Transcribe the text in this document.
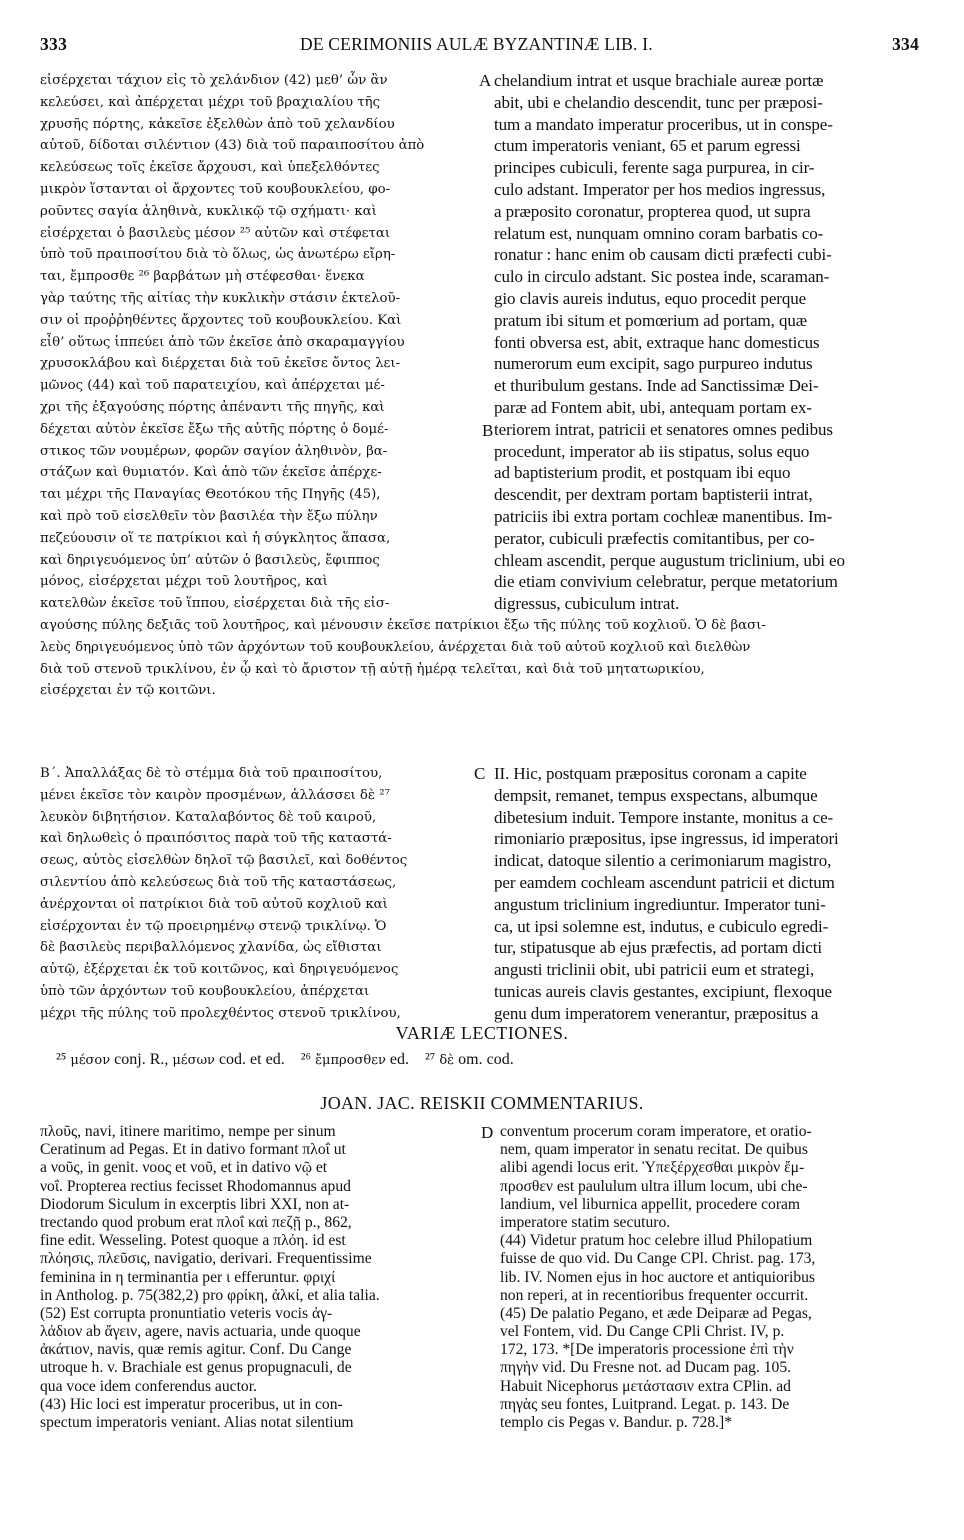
333	DE CERIMONIIS AULÆ BYZANTINÆ LIB. I.	334
εἰσέρχεται τάχιον εἰς τὸ χελάνδιον (42) μεθ’ ὧν ἂν
κελεύσει, καὶ ἀπέρχεται μέχρι τοῦ βραχιαλίου τῆς
χρυσῆς πόρτης, κἀκεῖσε ἐξελθὼν ἀπὸ τοῦ χελανδίου
αὐτοῦ, δίδοται σιλέντιον (43) διὰ τοῦ παραιποσίτου ἀπὸ
κελεύσεως τοῖς ἐκεῖσε ἄρχουσι, καὶ ὑπεξελθόντες
μικρὸν ἵστανται οἱ ἄρχοντες τοῦ κουβουκλείου, φο-
ροῦντες σαγία ἀληθινὰ, κυκλικῷ τῷ σχήματι· καὶ
εἰσέρχεται ὁ βασιλεὺς μέσον ²⁵ αὐτῶν καὶ στέφεται
ὑπὸ τοῦ πραιποσίτου διὰ τὸ ὅλως, ὡς ἀνωτέρω εἴρη-
ται, ἔμπροσθε ²⁶ βαρβάτων μὴ στέφεσθαι· ἕνεκα
γὰρ ταύτης τῆς αἰτίας τὴν κυκλικὴν στάσιν ἐκτελοῦ-
σιν οἱ προῤῥηθέντες ἄρχοντες τοῦ κουβουκλείου. Καὶ
εἶθ’ οὕτως ἱππεύει ἀπὸ τῶν ἐκεῖσε ἀπὸ σκαραμαγγίου
χρυσοκλάβου καὶ διέρχεται διὰ τοῦ ἐκεῖσε ὄντος λει-
μῶνος (44) καὶ τοῦ παρατειχίου, καὶ ἀπέρχεται μέ-
χρι τῆς ἐξαγούσης πόρτης ἀπέναντι τῆς πηγῆς, καὶ
δέχεται αὐτὸν ἐκεῖσε ἔξω τῆς αὐτῆς πόρτης ὁ δομέ-
στικος τῶν νουμέρων, φορῶν σαγίον ἀληθινὸν, βα-
στάζων καὶ θυμιατόν. Καὶ ἀπὸ τῶν ἐκεῖσε ἀπέρχε-
ται μέχρι τῆς Παναγίας Θεοτόκου τῆς Πηγῆς (45),
καὶ πρὸ τοῦ εἰσελθεῖν τὸν βασιλέα τὴν ἔξω πύλην
πεζεύουσιν οἵ τε πατρίκιοι καὶ ἡ σύγκλητος ἅπασα,
καὶ δηριγευόμενος ὑπ’ αὐτῶν ὁ βασιλεὺς, ἔφιππος
μόνος, εἰσέρχεται μέχρι τοῦ λουτῆρος, καὶ
κατελθὼν ἐκεῖσε τοῦ ἵππου, εἰσέρχεται διὰ τῆς εἰσ-
A chelandium intrat et usque brachiale aureæ portæ
abit, ubi e chelandio descendit, tunc per præposi-
tum a mandato imperatur proceribus, ut in conspe-
ctum imperatoris veniant, 65 et parum egressi
principes cubiculi, ferente saga purpurea, in cir-
culo adstant. Imperator per hos medios ingressus,
a præposito coronatur, propterea quod, ut supra
relatum est, nunquam omnino coram barbatis co-
ronatur : hanc enim ob causam dicti præfecti cubi-
culo in circulo adstant. Sic postea inde, scaraman-
gio clavis aureis indutus, equo procedit perque
pratum ibi situm et pomœrium ad portam, quæ
fonti obversa est, abit, extraque hanc domesticus
numerorum eum excipit, sago purpureo indutus
et thuribulum gestans. Inde ad Sanctissimæ Dei-
paræ ad Fontem abit, ubi, antequam portam ex-
teriorem intrat, patricii et senatores omnes pedibus
procedunt, imperator ab iis stipatus, solus equo
ad baptisterium prodit, et postquam ibi equo
descendit, per dextram portam baptisterii intrat,
patriciis ibi extra portam cochleæ manentibus. Im-
perator, cubiculi præfectis comitantibus, per co-
chleam ascendit, perque augustum triclinium, ubi eo
die etiam convivium celebratur, perque metatorium
digressus, cubiculum intrat.
B
αγούσης πύλης δεξιᾶς τοῦ λουτῆρος, καὶ μένουσιν ἐκεῖσε πατρίκιοι ἔξω τῆς πύλης τοῦ κοχλιοῦ. Ὁ δὲ βασι-
λεὺς δηριγευόμενος ὑπὸ τῶν ἀρχόντων τοῦ κουβουκλείου, ἀνέρχεται διὰ τοῦ αὐτοῦ κοχλιοῦ καὶ διελθὼν
διὰ τοῦ στενοῦ τρικλίνου, ἐν ᾧ καὶ τὸ ἄριστον τῇ αὐτῇ ἡμέρᾳ τελεῖται, καὶ διὰ τοῦ μητατωρικίου,
εἰσέρχεται ἐν τῷ κοιτῶνι.
Β΄. Ἀπαλλάξας δὲ τὸ στέμμα διὰ τοῦ πραιποσίτου,
μένει ἐκεῖσε τὸν καιρὸν προσμένων, ἀλλάσσει δὲ ²⁷
λευκὸν διβητήσιον. Καταλαβόντος δὲ τοῦ καιροῦ,
καὶ δηλωθεὶς ὁ πραιπόσιτος παρὰ τοῦ τῆς καταστά-
σεως, αὐτὸς εἰσελθὼν δηλοῖ τῷ βασιλεῖ, καὶ δοθέντος
σιλεντίου ἀπὸ κελεύσεως διὰ τοῦ τῆς καταστάσεως,
ἀνέρχονται οἱ πατρίκιοι διὰ τοῦ αὐτοῦ κοχλιοῦ καὶ
εἰσέρχονται ἐν τῷ προειρημένῳ στενῷ τρικλίνῳ. Ὁ
δὲ βασιλεὺς περιβαλλόμενος χλανίδα, ὡς εἴθισται
αὐτῷ, ἐξέρχεται ἐκ τοῦ κοιτῶνος, καὶ δηριγευόμενος
ὑπὸ τῶν ἀρχόντων τοῦ κουβουκλείου, ἀπέρχεται
μέχρι τῆς πύλης τοῦ προλεχθέντος στενοῦ τρικλίνου,
C II. Hic, postquam præpositus coronam a capite
dempsit, remanet, tempus exspectans, albumque
dibetesium induit. Tempore instante, monitus a ce-
rimoniario præpositus, ipse ingressus, id imperatori
indicat, datoque silentio a cerimoniarum magistro,
per eamdem cochleam ascendunt patricii et dictum
angustum triclinium ingrediuntur. Imperator tuni-
ca, ut ipsi solemne est, indutus, e cubiculo egredi-
tur, stipatusque ab ejus præfectis, ad portam dicti
angusti triclinii obit, ubi patricii eum et strategi,
tunicas aureis clavis gestantes, excipiunt, flexoque
genu dum imperatorem venerantur, præpositus a
VARIÆ LECTIONES.
²⁵ μέσον conj. R., μέσων cod. et ed.    ²⁶ ἔμπροσθεν ed.    ²⁷ δὲ om. cod.
JOAN. JAC. REISKII COMMENTARIUS.
πλοῦς, navi, itinere maritimo, nempe per sinum
Ceratinum ad Pegas. Et in dativo formant πλοΐ ut
a νοῦς, in genit. νοος et νοῦ, et in dativo νῷ et
νοΐ. Propterea rectius fecisset Rhodomannus apud
Diodorum Siculum in excerptis libri XXI, non at-
trectando quod probum erat πλοΐ καὶ πεζῇ p., 862,
fine edit. Wesseling. Potest quoque a πλόη. id est
πλόησις, πλεῦσις, navigatio, derivari. Frequentissime
feminina in η terminantia per ι efferuntur. φριχί
in Antholog. p. 75(382,2) pro φρίκη, ἀλκί, et alia talia.
(52) Est corrupta pronuntiatio veteris vocis ἀγ-
λάδιον ab ἄγειν, agere, navis actuaria, unde quoque
ἀκάτιον, navis, quæ remis agitur. Conf. Du Cange
utroque h. v. Brachiale est genus propugnaculi, de
qua voce idem conferendus auctor.
(43) Hic loci est imperatur proceribus, ut in con-
spectum imperatoris veniant. Alias notat silentium
D conventum procerum coram imperatore, et oratio-
nem, quam imperator in senatu recitat. De quibus
alibi agendi locus erit. Ὑπεξέρχεσθαι μικρὸν ἔμ-
προσθεν est paululum ultra illum locum, ubi che-
landium, vel liburnica appellit, procedere coram
imperatore statim secuturo.
(44) Videtur pratum hoc celebre illud Philopatium
fuisse de quo vid. Du Cange CPl. Christ. pag. 173,
lib. IV. Nomen ejus in hoc auctore et antiquioribus
non reperi, at in recentioribus frequenter occurrit.
(45) De palatio Pegano, et æde Deiparæ ad Pegas,
vel Fontem, vid. Du Cange CPli Christ. IV, p.
172, 173. *[De imperatoris processione ἐπὶ τὴν
πηγὴν vid. Du Fresne not. ad Ducam pag. 105.
Habuit Nicephorus μετάστασιν extra CPlin. ad
πηγὰς seu fontes, Luitprand. Legat. p. 143. De
templo cis Pegas v. Bandur. p. 728.]*
